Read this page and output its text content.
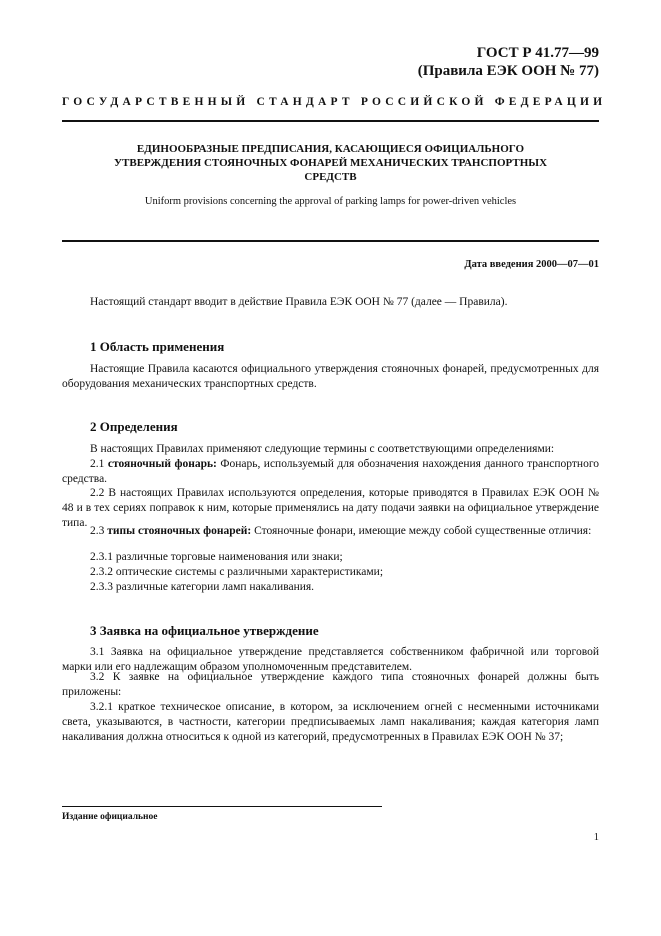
ГОСТ Р 41.77—99
(Правила ЕЭК ООН № 77)
ГОСУДАРСТВЕННЫЙ СТАНДАРТ РОССИЙСКОЙ ФЕДЕРАЦИИ
ЕДИНООБРАЗНЫЕ ПРЕДПИСАНИЯ, КАСАЮЩИЕСЯ ОФИЦИАЛЬНОГО
УТВЕРЖДЕНИЯ СТОЯНОЧНЫХ ФОНАРЕЙ МЕХАНИЧЕСКИХ ТРАНСПОРТНЫХ
СРЕДСТВ
Uniform provisions concerning the approval of parking lamps for power-driven vehicles
Дата введения 2000—07—01
Настоящий стандарт вводит в действие Правила ЕЭК ООН № 77 (далее — Правила).
1 Область применения
Настоящие Правила касаются официального утверждения стояночных фонарей, предусмотренных для оборудования механических транспортных средств.
2 Определения
В настоящих Правилах применяют следующие термины с соответствующими определениями:
2.1 стояночный фонарь: Фонарь, используемый для обозначения нахождения данного транспортного средства.
2.2 В настоящих Правилах используются определения, которые приводятся в Правилах ЕЭК ООН № 48 и в тех сериях поправок к ним, которые применялись на дату подачи заявки на официальное утверждение типа.
2.3 типы стояночных фонарей: Стояночные фонари, имеющие между собой существенные отличия:
2.3.1 различные торговые наименования или знаки;
2.3.2 оптические системы с различными характеристиками;
2.3.3 различные категории ламп накаливания.
3 Заявка на официальное утверждение
3.1 Заявка на официальное утверждение представляется собственником фабричной или торговой марки или его надлежащим образом уполномоченным представителем.
3.2 К заявке на официальное утверждение каждого типа стояночных фонарей должны быть приложены:
3.2.1 краткое техническое описание, в котором, за исключением огней с несменными источниками света, указываются, в частности, категории предписываемых ламп накаливания; каждая категория ламп накаливания должна относиться к одной из категорий, предусмотренных в Правилах ЕЭК ООН № 37;
Издание официальное
1
